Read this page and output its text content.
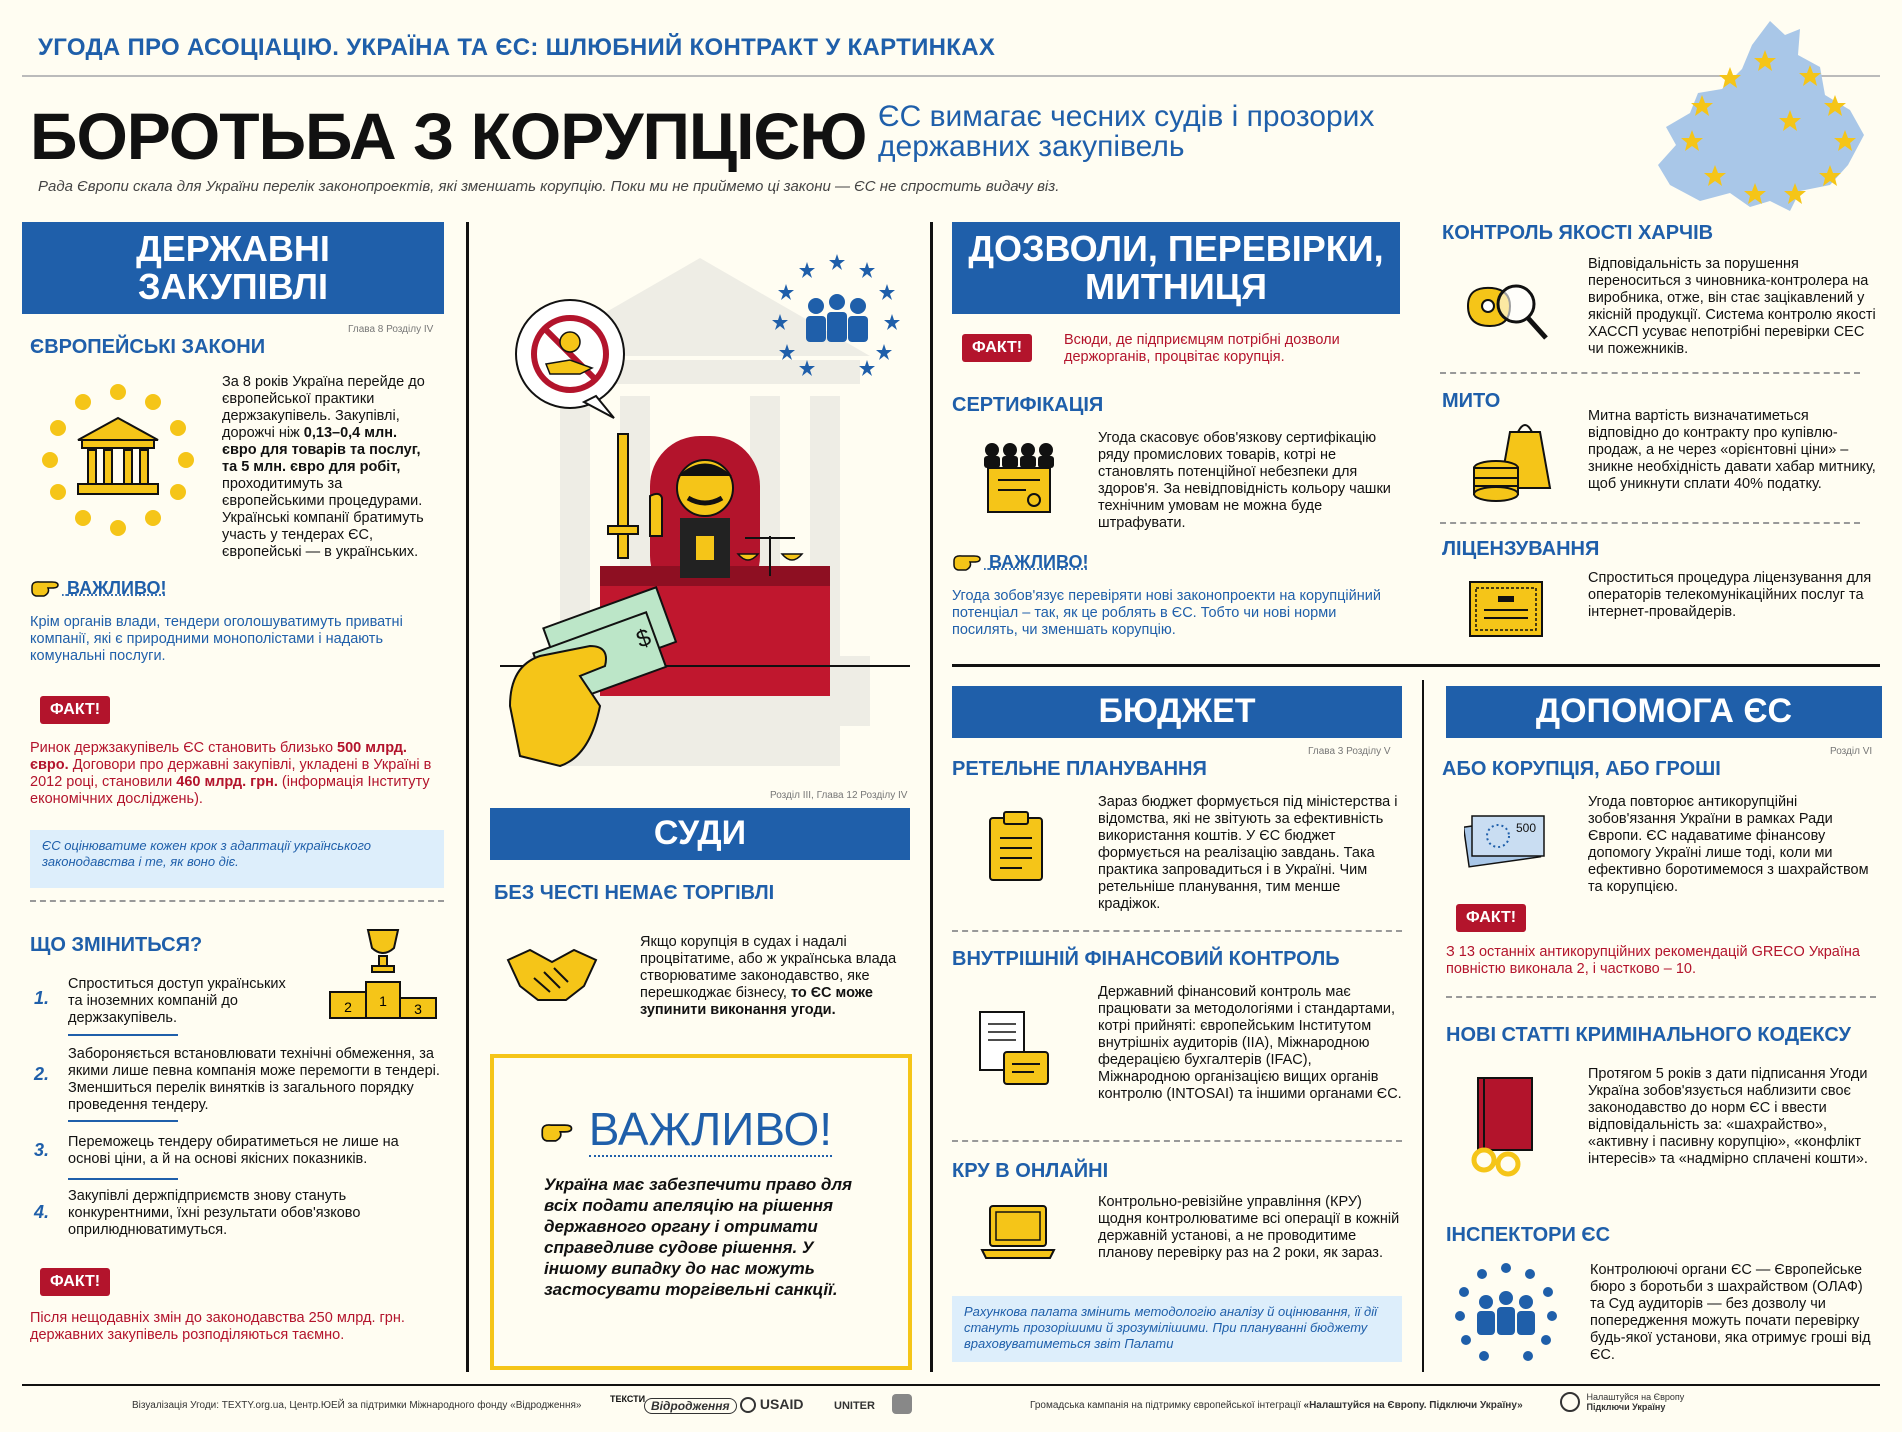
УГОДА ПРО АСОЦІАЦІЮ. УКРАЇНА ТА ЄС: ШЛЮБНИЙ КОНТРАКТ У КАРТИНКАХ
БОРОТЬБА З КОРУПЦІЄЮ ЄС вимагає чесних судів і прозорих
державних закупівель
Рада Європи скала для України перелік законопроектів, які зменшать корупцію. Поки ми не приймемо ці закони — ЄС не спростить видачу віз.
ДЕРЖАВНІ
ЗАКУПІВЛІ
Глава 8 Розділу IV
ЄВРОПЕЙСЬКІ ЗАКОНИ
За 8 років Україна перейде до європейської практики держзакупівель. Закупівлі, дорожчі ніж 0,13–0,4 млн. євро для товарів та послуг, та 5 млн. євро для робіт, проходитимуть за європейськими процедурами. Українські компанії братимуть участь у тендерах ЄС, європейські — в українських.
ВАЖЛИВО!
Крім органів влади, тендери оголошуватимуть приватні компанії, які є природними монополістами і надають комунальні послуги.
ФАКТ!
Ринок держзакупівель ЄС становить близько 500 млрд. євро. Договори про державні закупівлі, укладені в Україні в 2012 році, становили 460 млрд. грн. (інформація Інституту економічних досліджень).
ЄС оцінюватиме кожен крок з адаптації українського законодавства і те, як воно діє.
ЩО ЗМІНИТЬСЯ?
1
2	3
1.
Спроститься доступ українських та іноземних компаній до держзакупівель.
2.
Забороняється встановлювати технічні обмеження, за якими лише певна компанія може перемогти в тендері. Зменшиться перелік винятків із загального порядку проведення тендеру.
3. Переможець тендеру обиратиметься не лише на основі ціни, а й на основі якісних показників.
4.
Закупівлі держпідприємств знову стануть конкурентними, їхні результати обов'язково оприлюднюватимуться.
ФАКТ!
Після нещодавніх змін до законодавства 250 млрд. грн. державних закупівель розподіляються таємно.
$
Розділ III, Глава 12 Розділу IV
СУДИ
БЕЗ ЧЕСТІ НЕМАЄ ТОРГІВЛІ
Якщо корупція в судах і надалі процвітатиме, або ж українська влада створюватиме законодавство, яке перешкоджає бізнесу, то ЄС може зупинити виконання угоди.
ВАЖЛИВО!
Україна має забезпечити право для всіх подати апеляцію на рішення державного органу і отримати справедливе судове рішення. У іншому випадку до нас можуть застосувати торгівельні санкції.
ДОЗВОЛИ, ПЕРЕВІРКИ,
МИТНИЦЯ
ФАКТ!	Всюди, де підприємцям потрібні дозволи держорганів, процвітає корупція.
СЕРТИФІКАЦІЯ
Угода скасовує обов'язкову сертифікацію ряду промислових товарів, котрі не становлять потенційної небезпеки для здоров'я. За невідповідність кольору чашки технічним умовам не можна буде штрафувати.
ВАЖЛИВО!
Угода зобов'язує перевіряти нові законопроекти на корупційний потенціал – так, як це роблять в ЄС. Тобто чи нові норми посилять, чи зменшать корупцію.
КОНТРОЛЬ ЯКОСТІ ХАРЧІВ
Відповідальність за порушення переноситься з чиновника-контролера на виробника, отже, він стає зацікавлений у якісній продукції. Система контролю якості ХАССП усуває непотрібні перевірки СЕС чи пожежників.
МИТО
Митна вартість визначатиметься відповідно до контракту про купівлю-продаж, а не через «орієнтовні ціни» – зникне необхідність давати хабар митнику, щоб уникнути сплати 40% податку.
ЛІЦЕНЗУВАННЯ
Спроститься процедура ліцензування для операторів телекомунікаційних послуг та інтернет-провайдерів.
БЮДЖЕТ
Глава 3 Розділу V
РЕТЕЛЬНЕ ПЛАНУВАННЯ
Зараз бюджет формується під міністерства і відомства, які не звітують за ефективність використання коштів. У ЄС бюджет формується на реалізацію завдань. Така практика запровадиться і в Україні. Чим ретельніше планування, тим менше крадіжок.
ВНУТРІШНІЙ ФІНАНСОВИЙ КОНТРОЛЬ
Державний фінансовий контроль має працювати за методологіями і стандартами, котрі прийняті: європейським Інститутом внутрішніх аудиторів (IIA), Міжнародною федерацією бухгалтерів (IFAC), Міжнародною організацією вищих органів контролю (INTOSAI) та іншими органами ЄС.
КРУ В ОНЛАЙНІ
Контрольно-ревізійне управління (КРУ) щодня контролюватиме всі операції в кожній державній установі, а не проводитиме планову перевірку раз на 2 роки, як зараз.
Рахункова палата змінить методологію аналізу й оцінювання, її дії стануть прозорішими й зрозумілішими. При плануванні бюджету враховуватиметься звіт Палати
ДОПОМОГА ЄС
Розділ VI
АБО КОРУПЦІЯ, АБО ГРОШІ
500
Угода повторює антикорупційні зобов'язання України в рамках Ради Європи. ЄС надаватиме фінансову допомогу Україні лише тоді, коли ми ефективно боротимемося з шахрайством та корупцією.
ФАКТ!
З 13 останніх антикорупційних рекомендацій GRECO Україна повністю виконала 2, і частково – 10.
НОВІ СТАТТІ КРИМІНАЛЬНОГО КОДЕКСУ
Протягом 5 років з дати підписання Угоди Україна зобов'язується наблизити своє законодавство до норм ЄС і ввести відповідальність за: «шахрайство», «активну і пасивну корупцію», «конфлікт інтересів» та «надмірно сплачені кошти».
ІНСПЕКТОРИ ЄС
Контролюючі органи ЄС — Європейське бюро з боротьби з шахрайством (ОЛАФ) та Суд аудиторів — без дозволу чи попередження можуть почати перевірку будь-якої установи, яка отримує гроші від ЄС.
Візуалізація Угоди: TEXTY.org.ua, Центр.ЮЕЙ за підтримки Міжнародного фонду «Відродження»
ТЕКСТИ Відродження	USAID	UNITER	Громадська кампанія на підтримку європейської інтеграції «Налаштуйся на Європу. Підключи Україну»
Налаштуйся на Європу
Підключи Україну
